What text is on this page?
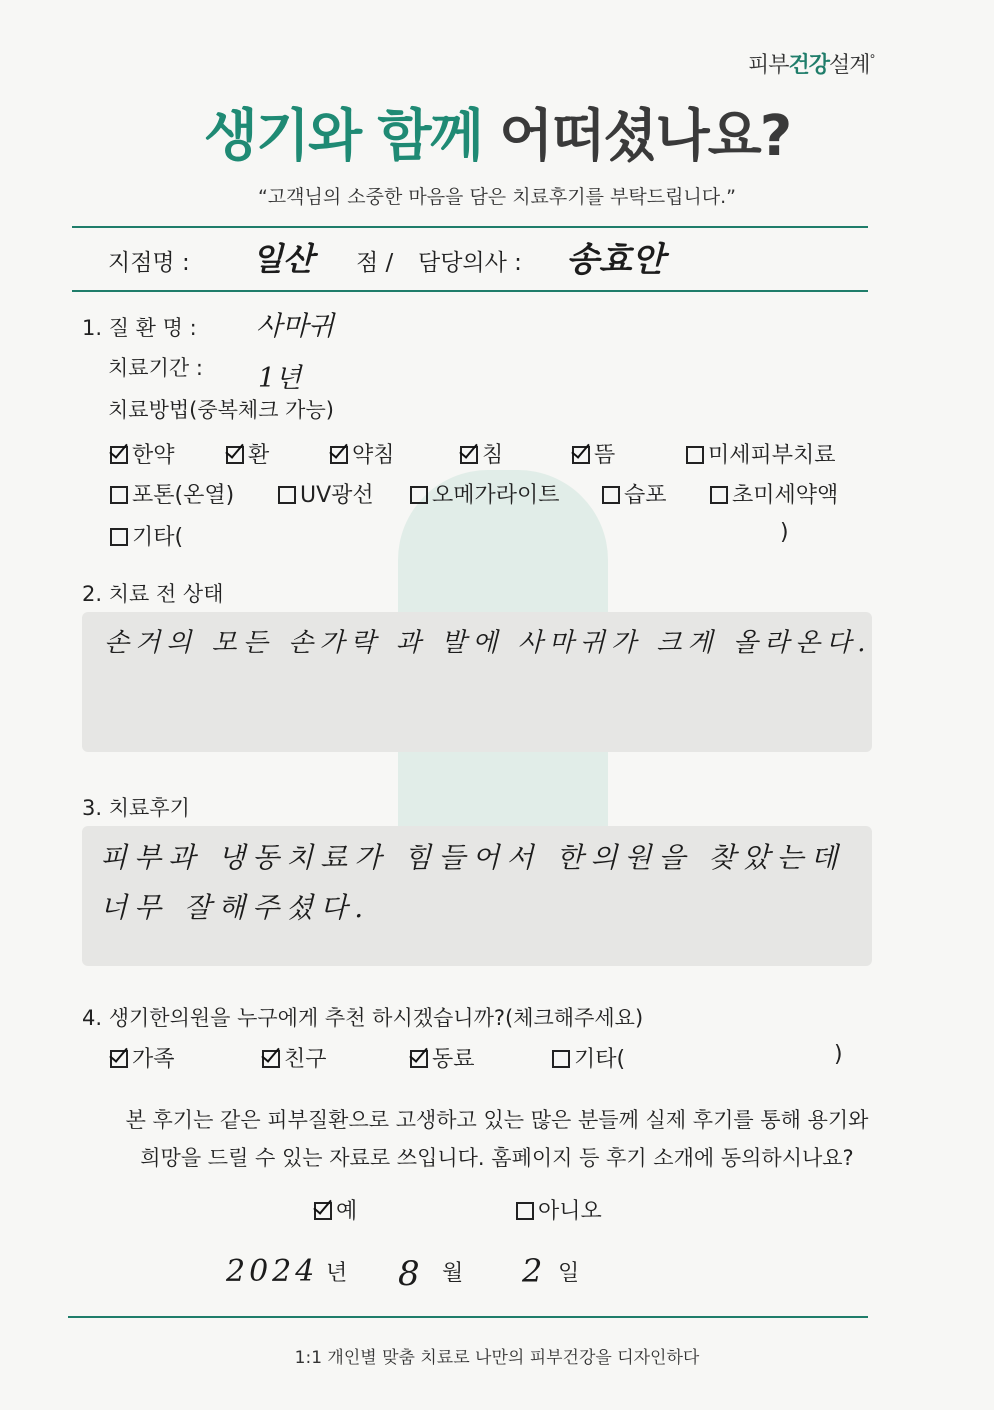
피부건강설계°
생기와 함께 어떠셨나요?
“고객님의 소중한 마음을 담은 치료후기를 부탁드립니다.”
지점명 : 일산 점 / 담당의사 : 송효안
1. 질 환 명 : 사마귀
치료기간 : 1년
치료방법(중복체크 가능)
한약	환	약침	침	뜸	미세피부치료
포톤(온열)	UV광선	오메가라이트	습포	초미세약액
기타(	)
2. 치료 전 상태
손거의 모든 손가락 과 발에 사마귀가 크게 올라온다.
3. 치료후기
피부과 냉동치료가 힘들어서 한의원을 찾았는데
너무 잘해주셨다.
4. 생기한의원을 누구에게 추천 하시겠습니까?(체크해주세요)
가족	친구	동료	기타(	)
본 후기는 같은 피부질환으로 고생하고 있는 많은 분들께 실제 후기를 통해 용기와
희망을 드릴 수 있는 자료로 쓰입니다. 홈페이지 등 후기 소개에 동의하시나요?
예	아니오
2024 년 8 월 2 일
1:1 개인별 맞춤 치료로 나만의 피부건강을 디자인하다
